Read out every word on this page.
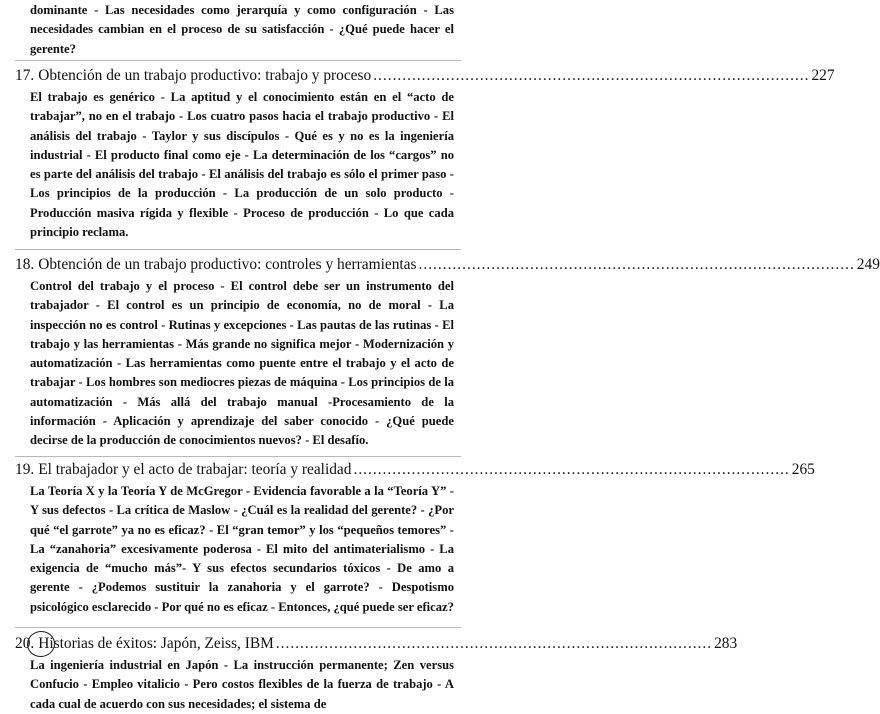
dominante - Las necesidades como jerarquía y como configuración - Las necesidades cambian en el proceso de su satisfacción - ¿Qué puede hacer el gerente?

17. Obtención de un trabajo productivo: trabajo y proceso .......................................................................................... 227

El trabajo es genérico - La aptitud y el conocimiento están en el “acto de trabajar”, no en el trabajo - Los cuatro pasos hacia el trabajo productivo - El análisis del trabajo - Taylor y sus discípulos - Qué es y no es la ingeniería industrial - El producto final como eje - La determinación de los “cargos” no es parte del análisis del trabajo - El análisis del trabajo es sólo el primer paso - Los principios de la producción - La producción de un solo producto - Producción masiva rígida y flexible - Proceso de producción - Lo que cada principio reclama.

18. Obtención de un trabajo productivo: controles y herramientas .......................................................................................... 249

Control del trabajo y el proceso - El control debe ser un instrumento del trabajador - El control es un principio de economía, no de moral - La inspección no es control - Rutinas y excepciones - Las pautas de las rutinas - El trabajo y las herramientas - Más grande no significa mejor - Modernización y automatización - Las herramientas como puente entre el trabajo y el acto de trabajar - Los hombres son mediocres piezas de máquina - Los principios de la automatización - Más allá del trabajo manual -Procesamiento de la información - Aplicación y aprendizaje del saber conocido - ¿Qué puede decirse de la producción de conocimientos nuevos? - El desafío.

19. El trabajador y el acto de trabajar: teoría y realidad .......................................................................................... 265

La Teoría X y la Teoría Y de McGregor - Evidencia favorable a la “Teoría Y” - Y sus defectos - La crítica de Maslow - ¿Cuál es la realidad del gerente? - ¿Por qué “el garrote” ya no es eficaz? - El “gran temor” y los “pequeños temores” - La “zanahoria” excesivamente poderosa - El mito del antimaterialismo - La exigencia de “mucho más”- Y sus efectos secundarios tóxicos - De amo a gerente - ¿Podemos sustituir la zanahoria y el garrote? - Despotismo psicológico esclarecido - Por qué no es eficaz - Entonces, ¿qué puede ser eficaz?

20. Historias de éxitos: Japón, Zeiss, IBM .......................................................................................... 283

La ingeniería industrial en Japón - La instrucción permanente; Zen versus Confucio - Empleo vitalicio - Pero costos flexibles de la fuerza de trabajo - A cada cual de acuerdo con sus necesidades; el sistema de
